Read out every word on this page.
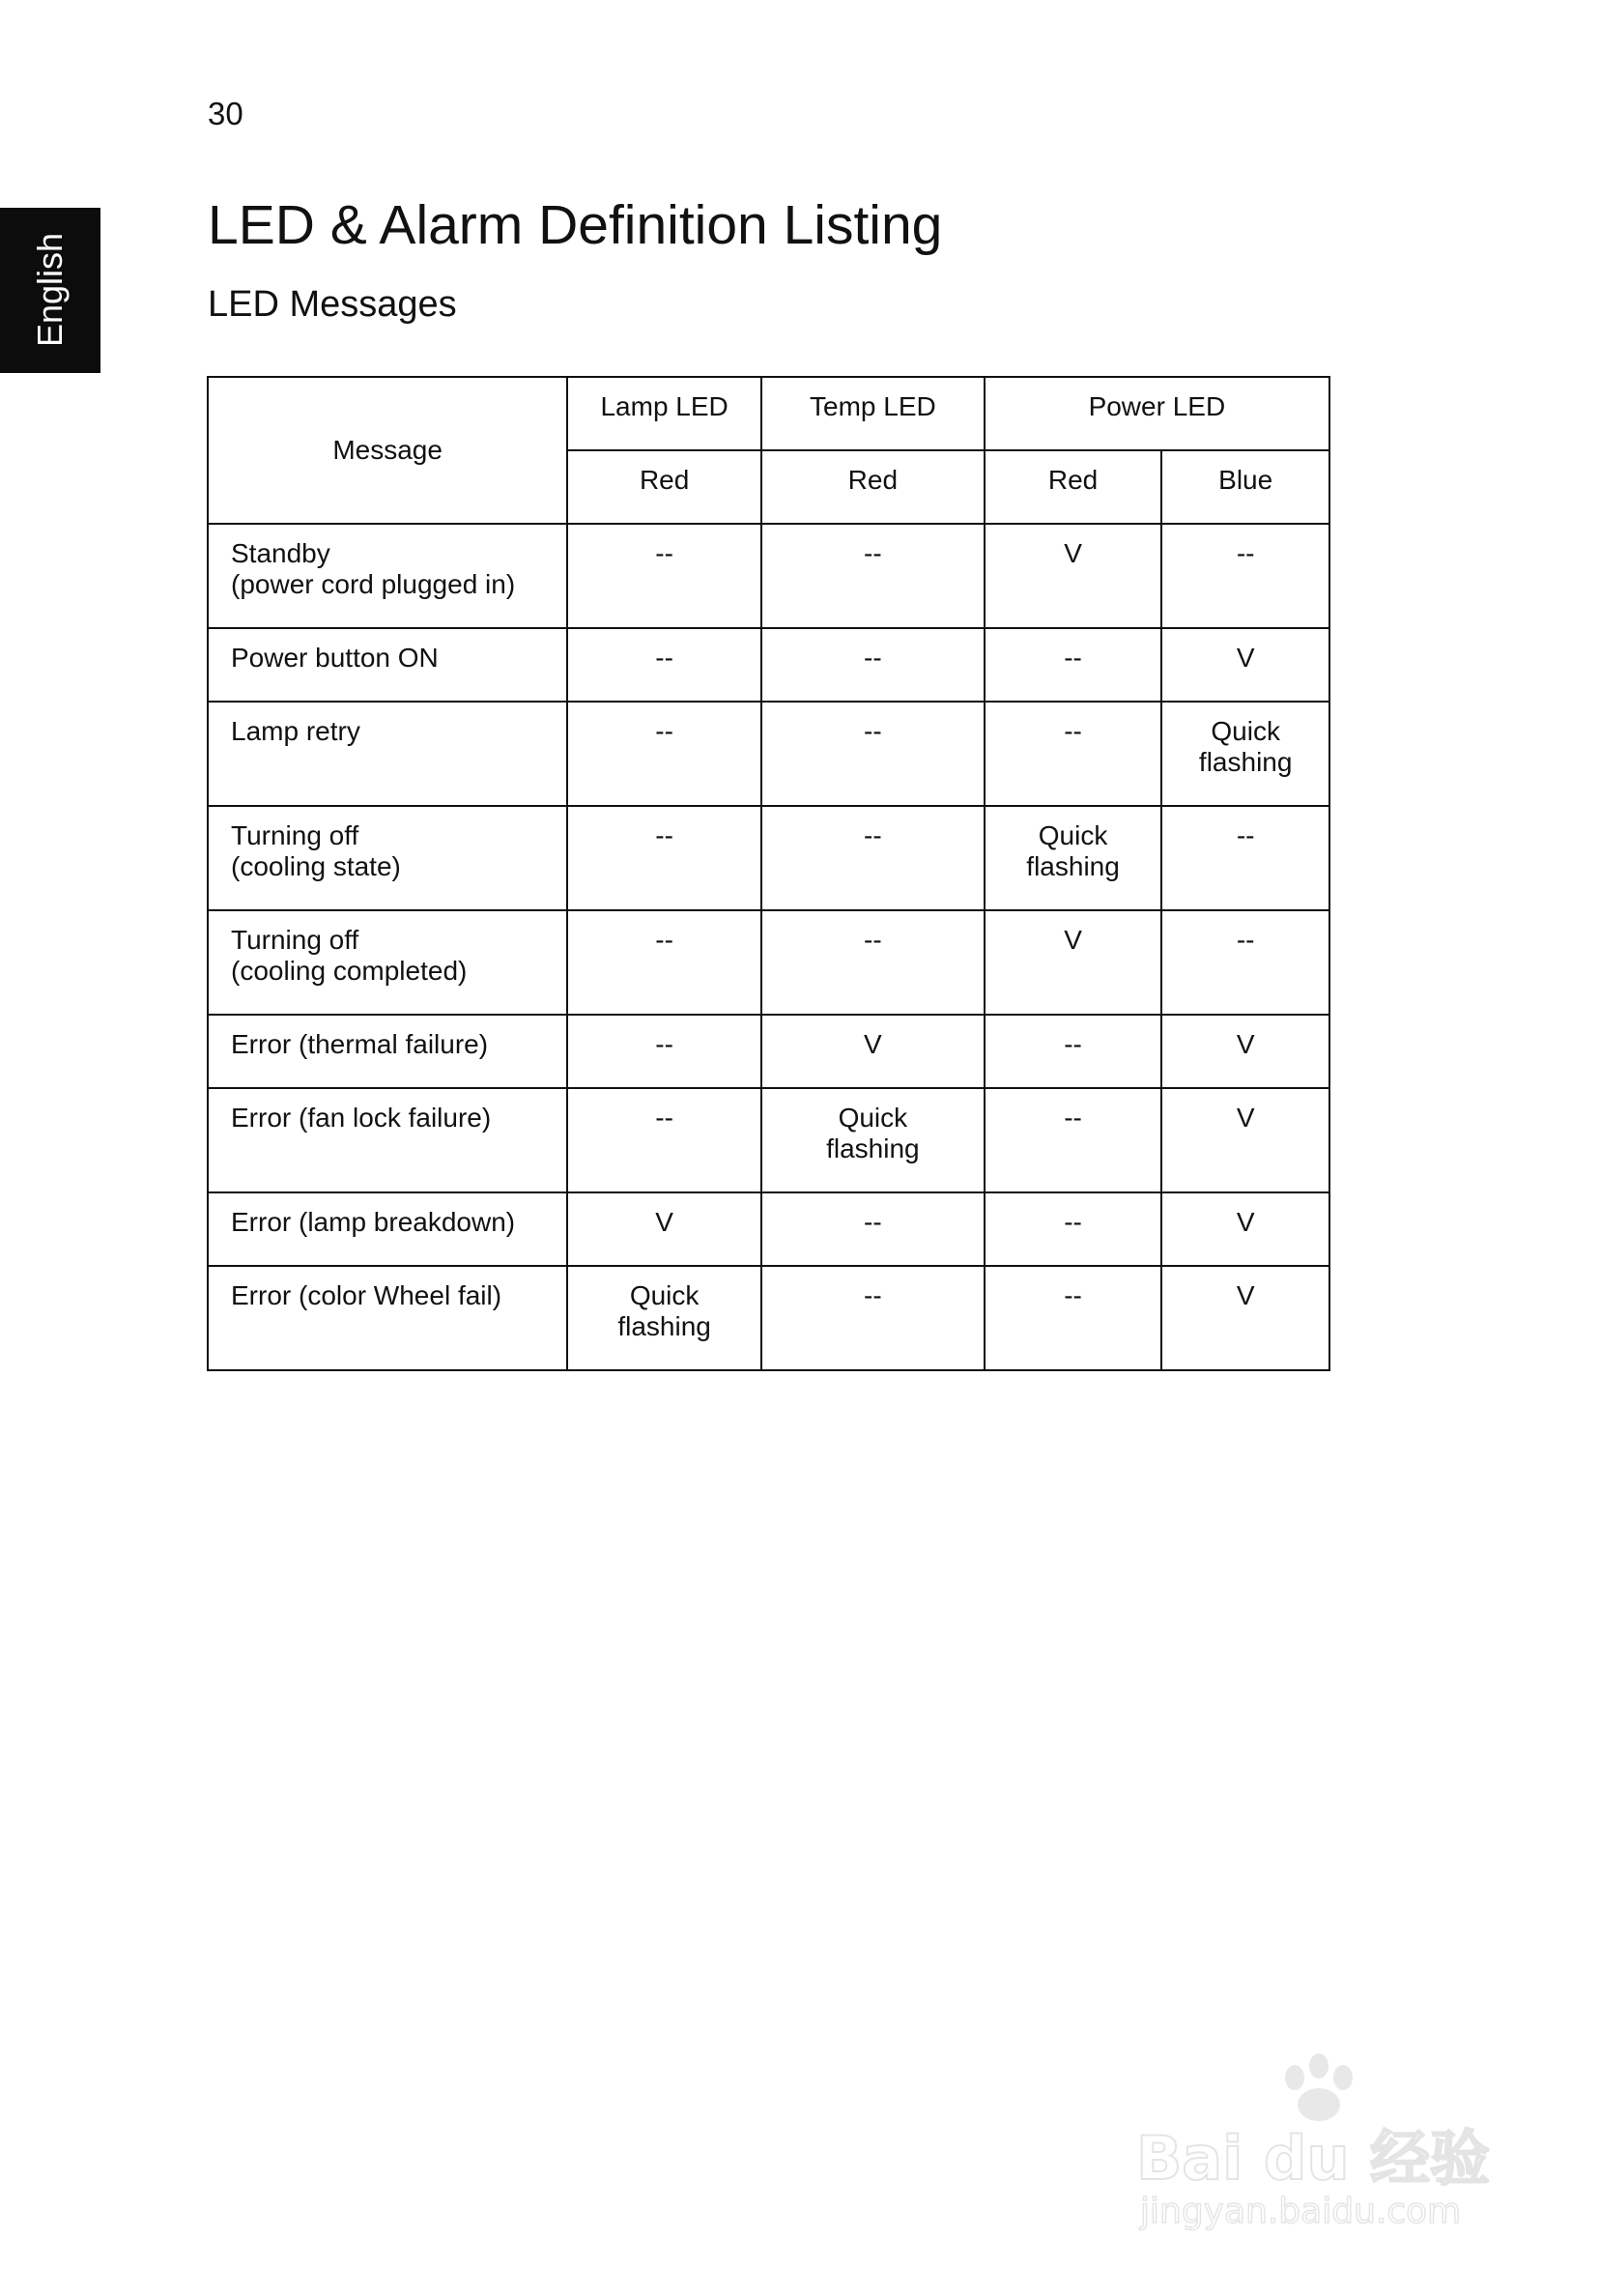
30
English
LED & Alarm Definition Listing
LED Messages
Message	Lamp LED	Temp LED	Power LED	
	Red	Red	Red	Blue
Standby
(power cord plugged in)	--	--	V	--
Power button ON	--	--	--	V
Lamp retry	--	--	--	Quick
flashing
Turning off
(cooling state)	--	--	Quick
flashing	--
Turning off
(cooling completed)	--	--	V	--
Error (thermal failure)	--	V	--	V
Error (fan lock failure)	--	Quick
flashing	--	V
Error (lamp breakdown)	V	--	--	V
Error (color Wheel fail)	Quick
flashing	--	--	V
Bai du 经验
jingyan.baidu.com
